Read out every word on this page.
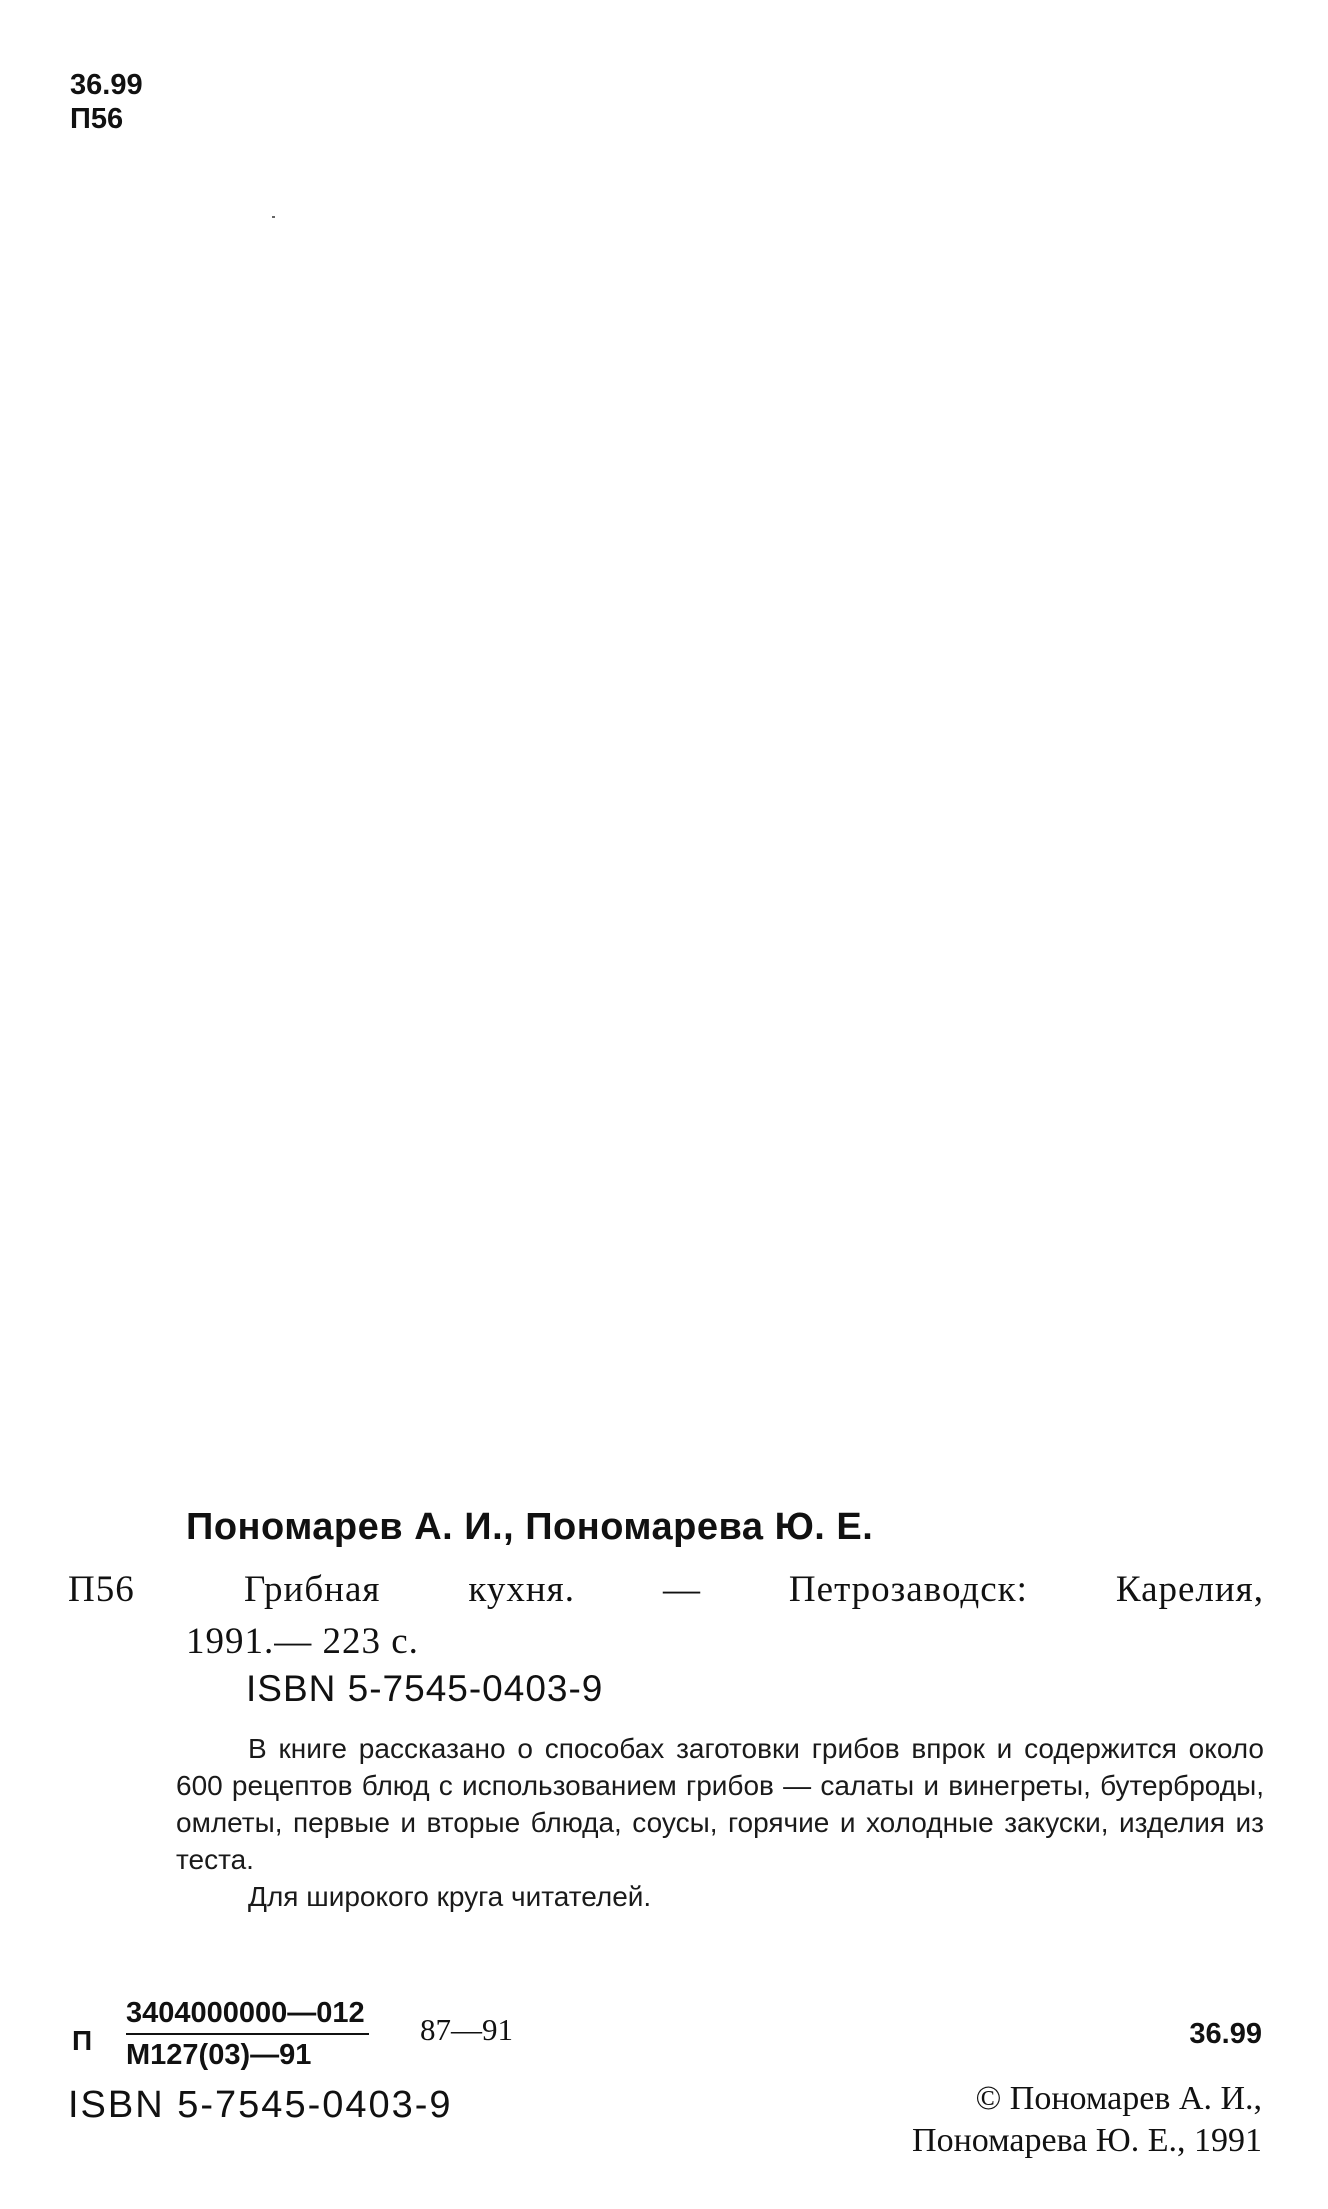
36.99
П56
Пономарев А. И., Пономарева Ю. Е.
П56	Грибная кухня. — Петрозаводск: Карелия,
1991.— 223 с.
ISBN 5-7545-0403-9

В книге рассказано о способах заготовки грибов впрок и содержится около 600 рецептов блюд с использованием грибов — салаты и винегреты, бутерброды, омлеты, первые и вторые блюда, соусы, горячие и холодные закуски, изделия из теста.

Для широкого круга читателей.

П
3404000000—012
М127(03)—91
87—91	36.99
© Пономарев А. И.,
Пономарева Ю. Е., 1991
ISBN 5-7545-0403-9
